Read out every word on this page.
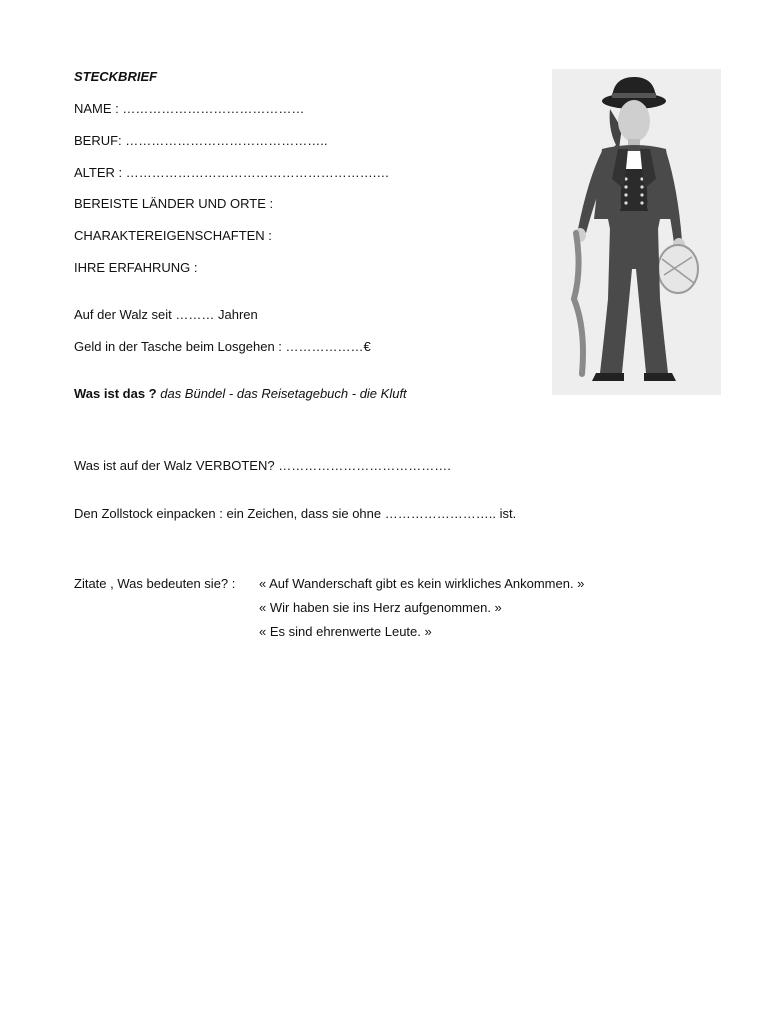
STECKBRIEF
NAME : ……………………………………
BERUF: ………………………………………..
ALTER : ………………………………………………….…
BEREISTE LÄNDER UND ORTE :
CHARAKTEREIGENSCHAFTEN :
IHRE ERFAHRUNG :
Auf der Walz seit ……… Jahren
Geld in der Tasche beim Losgehen : ………………€
Was ist das ? das Bündel - das Reisetagebuch - die Kluft
Was ist auf der Walz VERBOTEN? ………………………………….
Den Zollstock einpacken : ein Zeichen, dass sie ohne …………………….. ist.
Zitate , Was bedeuten sie? : « Auf Wanderschaft gibt es kein wirkliches Ankommen. »
« Wir haben sie ins Herz aufgenommen. »
« Es sind ehrenwerte Leute. »
